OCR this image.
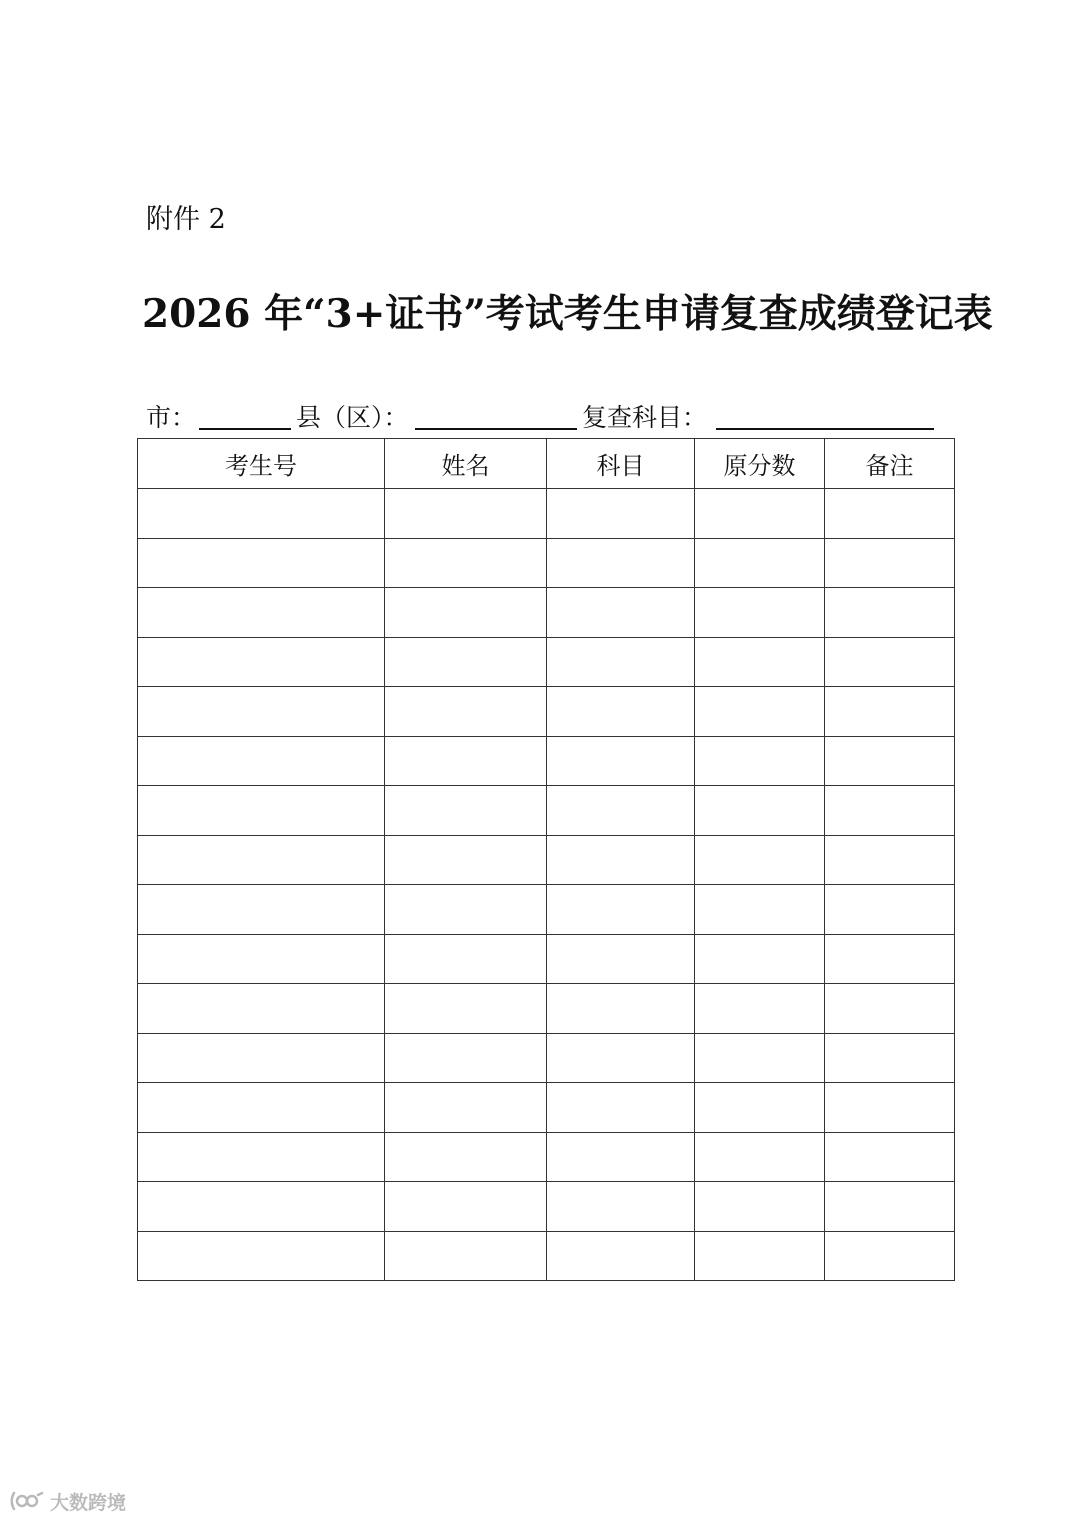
附件 2
2026 年“3+证书”考试考生申请复查成绩登记表
市：	县（区）：	复查科目：
考生号	姓名	科目	原分数	备注

大数跨境
